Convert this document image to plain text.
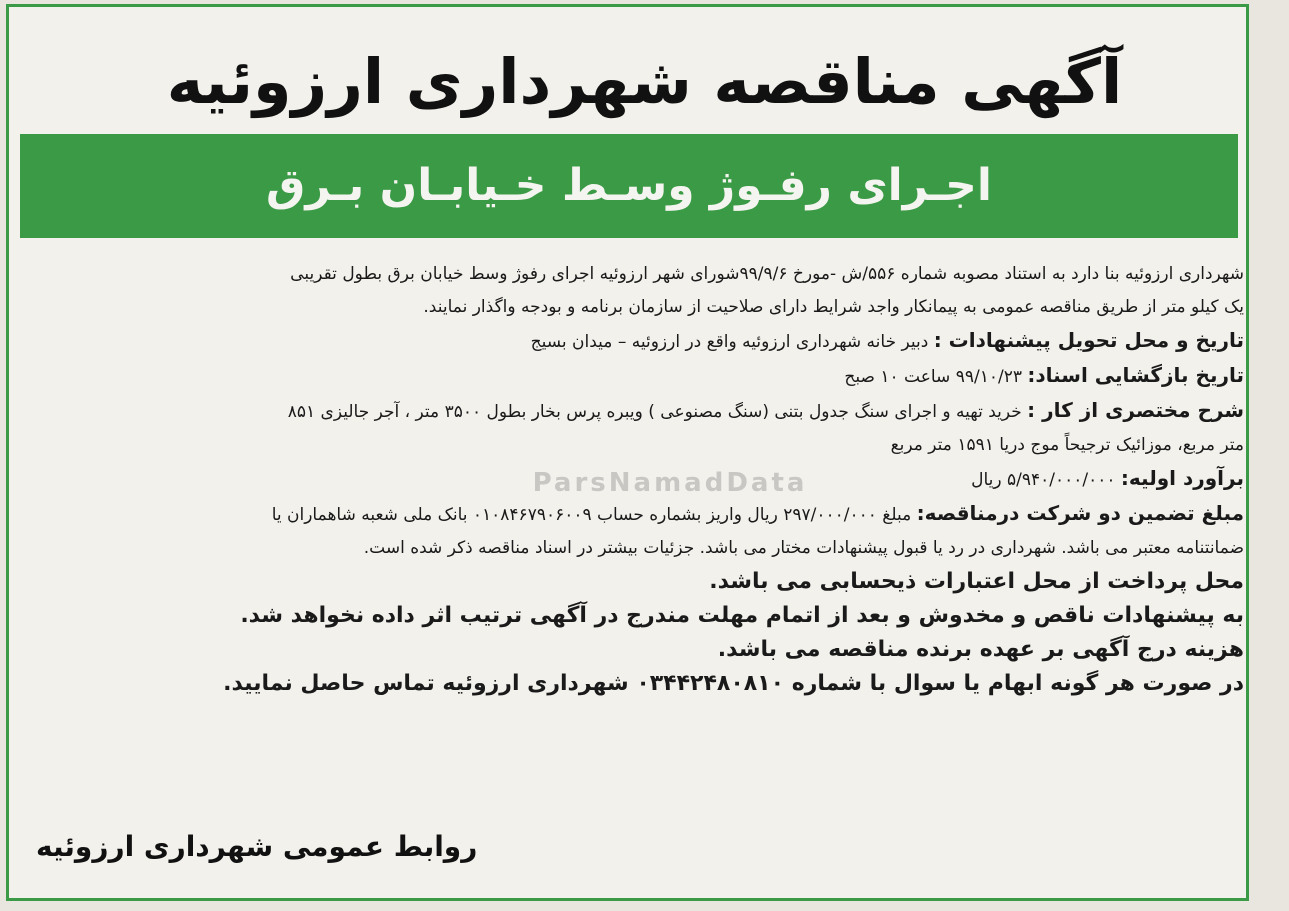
آگهی مناقصه شهرداری ارزوئیه
اجـرای رفـوژ وسـط خـیابـان بـرق
شهرداری ارزوئیه بنا دارد به استناد مصوبه شماره ۵۵۶/ش -مورخ ۹۹/۹/۶شورای شهر ارزوئیه اجرای رفوژ وسط خیابان برق بطول تقریبی
یک کیلو متر از طریق مناقصه عمومی به پیمانکار واجد شرایط دارای صلاحیت از سازمان برنامه و بودجه واگذار نمایند.
تاریخ و محل تحویل پیشنهادات : دبیر خانه شهرداری ارزوئیه واقع در ارزوئیه – میدان بسیج
تاریخ بازگشایی اسناد: ۹۹/۱۰/۲۳ ساعت ۱۰ صبح
شرح مختصری از کار : خرید تهیه و اجرای سنگ جدول بتنی (سنگ مصنوعی ) ویبره پرس بخار بطول ۳۵۰۰ متر ، آجر جالیزی ۸۵۱
متر مربع، موزائیک ترجیحاً موج دریا ۱۵۹۱ متر مربع
برآورد اولیه: ۵/۹۴۰/۰۰۰/۰۰۰ ریال
مبلغ تضمین دو شرکت درمناقصه: مبلغ ۲۹۷/۰۰۰/۰۰۰ ریال واریز بشماره حساب ۰۱۰۸۴۶۷۹۰۶۰۰۹ بانک ملی شعبه شاهماران یا
ضمانتنامه معتبر می باشد. شهرداری در رد یا قبول پیشنهادات مختار می باشد. جزئیات بیشتر در اسناد مناقصه ذکر شده است.
محل پرداخت از محل اعتبارات ذیحسابی می باشد.
به پیشنهادات ناقص و مخدوش و بعد از اتمام مهلت مندرج در آگهی ترتیب اثر داده نخواهد شد.
هزینه درج آگهی بر عهده برنده مناقصه می باشد.
در صورت هر گونه ابهام یا سوال با شماره ۰۳۴۴۲۴۸۰۸۱۰ شهرداری ارزوئیه تماس حاصل نمایید.
روابط عمومی شهرداری ارزوئیه
ParsNamadData
